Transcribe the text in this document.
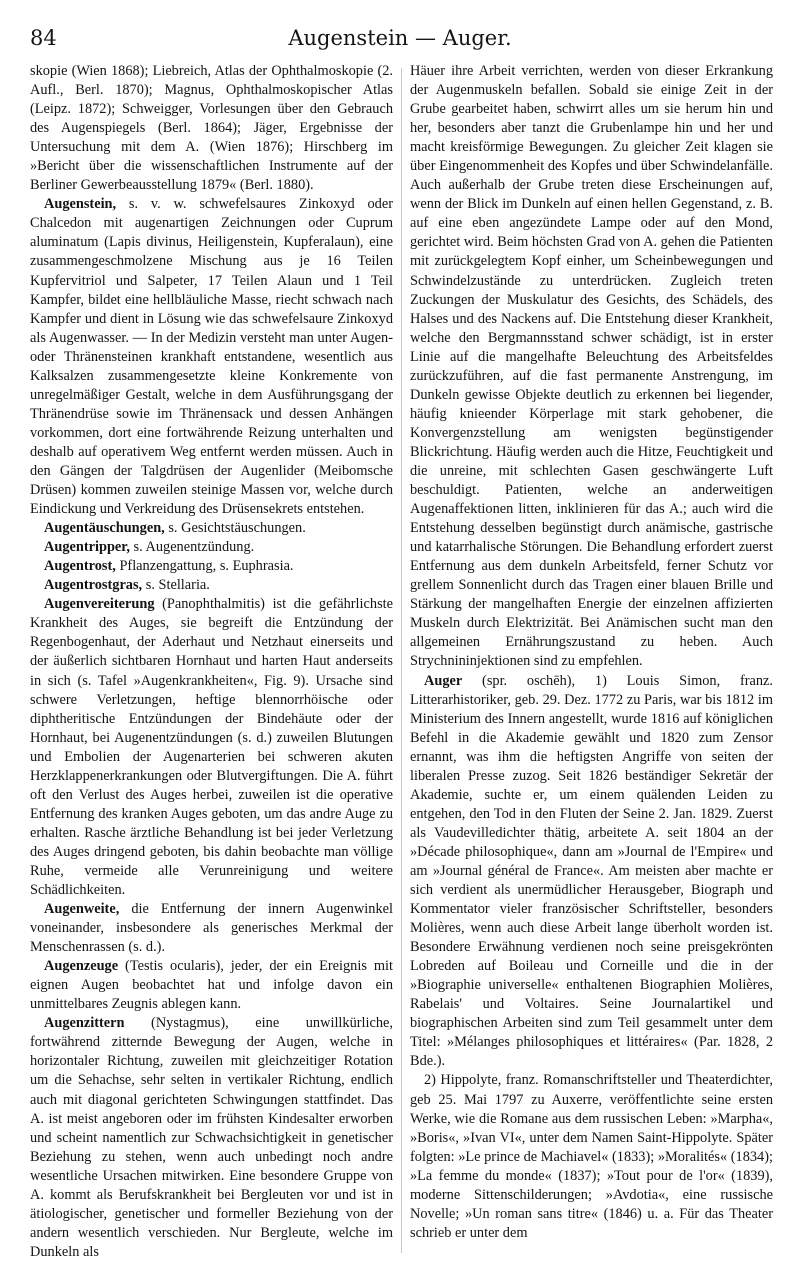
84	Augenstein — Auger.

skopie (Wien 1868); Liebreich, Atlas der Ophthalmoskopie (2. Aufl., Berl. 1870); Magnus, Ophthalmoskopischer Atlas (Leipz. 1872); Schweigger, Vorlesungen über den Gebrauch des Augenspiegels (Berl. 1864); Jäger, Ergebnisse der Untersuchung mit dem A. (Wien 1876); Hirschberg im »Bericht über die wissenschaftlichen Instrumente auf der Berliner Gewerbeausstellung 1879« (Berl. 1880).

Augenstein, s. v. w. schwefelsaures Zinkoxyd oder Chalcedon mit augenartigen Zeichnungen oder Cuprum aluminatum (Lapis divinus, Heiligenstein, Kupferalaun), eine zusammengeschmolzene Mischung aus je 16 Teilen Kupfervitriol und Salpeter, 17 Teilen Alaun und 1 Teil Kampfer, bildet eine hellbläuliche Masse, riecht schwach nach Kampfer und dient in Lösung wie das schwefelsaure Zinkoxyd als Augenwasser. — In der Medizin versteht man unter Augen- oder Thränensteinen krankhaft entstandene, wesentlich aus Kalksalzen zusammengesetzte kleine Konkremente von unregelmäßiger Gestalt, welche in dem Ausführungsgang der Thränendrüse sowie im Thränensack und dessen Anhängen vorkommen, dort eine fortwährende Reizung unterhalten und deshalb auf operativem Weg entfernt werden müssen. Auch in den Gängen der Talgdrüsen der Augenlider (Meibomsche Drüsen) kommen zuweilen steinige Massen vor, welche durch Eindickung und Verkreidung des Drüsensekrets entstehen.

Augentäuschungen, s. Gesichtstäuschungen.

Augentripper, s. Augenentzündung.

Augentrost, Pflanzengattung, s. Euphrasia.

Augentrostgras, s. Stellaria.

Augenvereiterung (Panophthalmitis) ist die gefährlichste Krankheit des Auges, sie begreift die Entzündung der Regenbogenhaut, der Aderhaut und Netzhaut einerseits und der äußerlich sichtbaren Hornhaut und harten Haut anderseits in sich (s. Tafel »Augenkrankheiten«, Fig. 9). Ursache sind schwere Verletzungen, heftige blennorrhöische oder diphtheritische Entzündungen der Bindehäute oder der Hornhaut, bei Augenentzündungen (s. d.) zuweilen Blutungen und Embolien der Augenarterien bei schweren akuten Herzklappenerkrankungen oder Blutvergiftungen. Die A. führt oft den Verlust des Auges herbei, zuweilen ist die operative Entfernung des kranken Auges geboten, um das andre Auge zu erhalten. Rasche ärztliche Behandlung ist bei jeder Verletzung des Auges dringend geboten, bis dahin beobachte man völlige Ruhe, vermeide alle Verunreinigung und weitere Schädlichkeiten.

Augenweite, die Entfernung der innern Augenwinkel voneinander, insbesondere als generisches Merkmal der Menschenrassen (s. d.).

Augenzeuge (Testis ocularis), jeder, der ein Ereignis mit eignen Augen beobachtet hat und infolge davon ein unmittelbares Zeugnis ablegen kann.

Augenzittern (Nystagmus), eine unwillkürliche, fortwährend zitternde Bewegung der Augen, welche in horizontaler Richtung, zuweilen mit gleichzeitiger Rotation um die Sehachse, sehr selten in vertikaler Richtung, endlich auch mit diagonal gerichteten Schwingungen stattfindet. Das A. ist meist angeboren oder im frühsten Kindesalter erworben und scheint namentlich zur Schwachsichtigkeit in genetischer Beziehung zu stehen, wenn auch unbedingt noch andre wesentliche Ursachen mitwirken. Eine besondere Gruppe von A. kommt als Berufskrankheit bei Bergleuten vor und ist in ätiologischer, genetischer und formeller Beziehung von der andern wesentlich verschieden. Nur Bergleute, welche im Dunkeln als

Häuer ihre Arbeit verrichten, werden von dieser Erkrankung der Augenmuskeln befallen. Sobald sie einige Zeit in der Grube gearbeitet haben, schwirrt alles um sie herum hin und her, besonders aber tanzt die Grubenlampe hin und her und macht kreisförmige Bewegungen. Zu gleicher Zeit klagen sie über Eingenommenheit des Kopfes und über Schwindelanfälle. Auch außerhalb der Grube treten diese Erscheinungen auf, wenn der Blick im Dunkeln auf einen hellen Gegenstand, z. B. auf eine eben angezündete Lampe oder auf den Mond, gerichtet wird. Beim höchsten Grad von A. gehen die Patienten mit zurückgelegtem Kopf einher, um Scheinbewegungen und Schwindelzustände zu unterdrücken. Zugleich treten Zuckungen der Muskulatur des Gesichts, des Schädels, des Halses und des Nackens auf. Die Entstehung dieser Krankheit, welche den Bergmannsstand schwer schädigt, ist in erster Linie auf die mangelhafte Beleuchtung des Arbeitsfeldes zurückzuführen, auf die fast permanente Anstrengung, im Dunkeln gewisse Objekte deutlich zu erkennen bei liegender, häufig knieender Körperlage mit stark gehobener, die Konvergenzstellung am wenigsten begünstigender Blickrichtung. Häufig werden auch die Hitze, Feuchtigkeit und die unreine, mit schlechten Gasen geschwängerte Luft beschuldigt. Patienten, welche an anderweitigen Augenaffektionen litten, inklinieren für das A.; auch wird die Entstehung desselben begünstigt durch anämische, gastrische und katarrhalische Störungen. Die Behandlung erfordert zuerst Entfernung aus dem dunkeln Arbeitsfeld, ferner Schutz vor grellem Sonnenlicht durch das Tragen einer blauen Brille und Stärkung der mangelhaften Energie der einzelnen affizierten Muskeln durch Elektrizität. Bei Anämischen sucht man den allgemeinen Ernährungszustand zu heben. Auch Strychnininjektionen sind zu empfehlen.

Auger (spr. oschēh), 1) Louis Simon, franz. Litterarhistoriker, geb. 29. Dez. 1772 zu Paris, war bis 1812 im Ministerium des Innern angestellt, wurde 1816 auf königlichen Befehl in die Akademie gewählt und 1820 zum Zensor ernannt, was ihm die heftigsten Angriffe von seiten der liberalen Presse zuzog. Seit 1826 beständiger Sekretär der Akademie, suchte er, um einem quälenden Leiden zu entgehen, den Tod in den Fluten der Seine 2. Jan. 1829. Zuerst als Vaudevilledichter thätig, arbeitete A. seit 1804 an der »Décade philosophique«, dann am »Journal de l'Empire« und am »Journal général de France«. Am meisten aber machte er sich verdient als unermüdlicher Herausgeber, Biograph und Kommentator vieler französischer Schriftsteller, besonders Molières, wenn auch diese Arbeit lange überholt worden ist. Besondere Erwähnung verdienen noch seine preisgekrönten Lobreden auf Boileau und Corneille und die in der »Biographie universelle« enthaltenen Biographien Molières, Rabelais' und Voltaires. Seine Journalartikel und biographischen Arbeiten sind zum Teil gesammelt unter dem Titel: »Mélanges philosophiques et littéraires« (Par. 1828, 2 Bde.).

2) Hippolyte, franz. Romanschriftsteller und Theaterdichter, geb 25. Mai 1797 zu Auxerre, veröffentlichte seine ersten Werke, wie die Romane aus dem russischen Leben: »Marpha«, »Boris«, »Ivan VI«, unter dem Namen Saint-Hippolyte. Später folgten: »Le prince de Machiavel« (1833); »Moralités« (1834); »La femme du monde« (1837); »Tout pour de l'or« (1839), moderne Sittenschilderungen; »Avdotia«, eine russische Novelle; »Un roman sans titre« (1846) u. a. Für das Theater schrieb er unter dem
